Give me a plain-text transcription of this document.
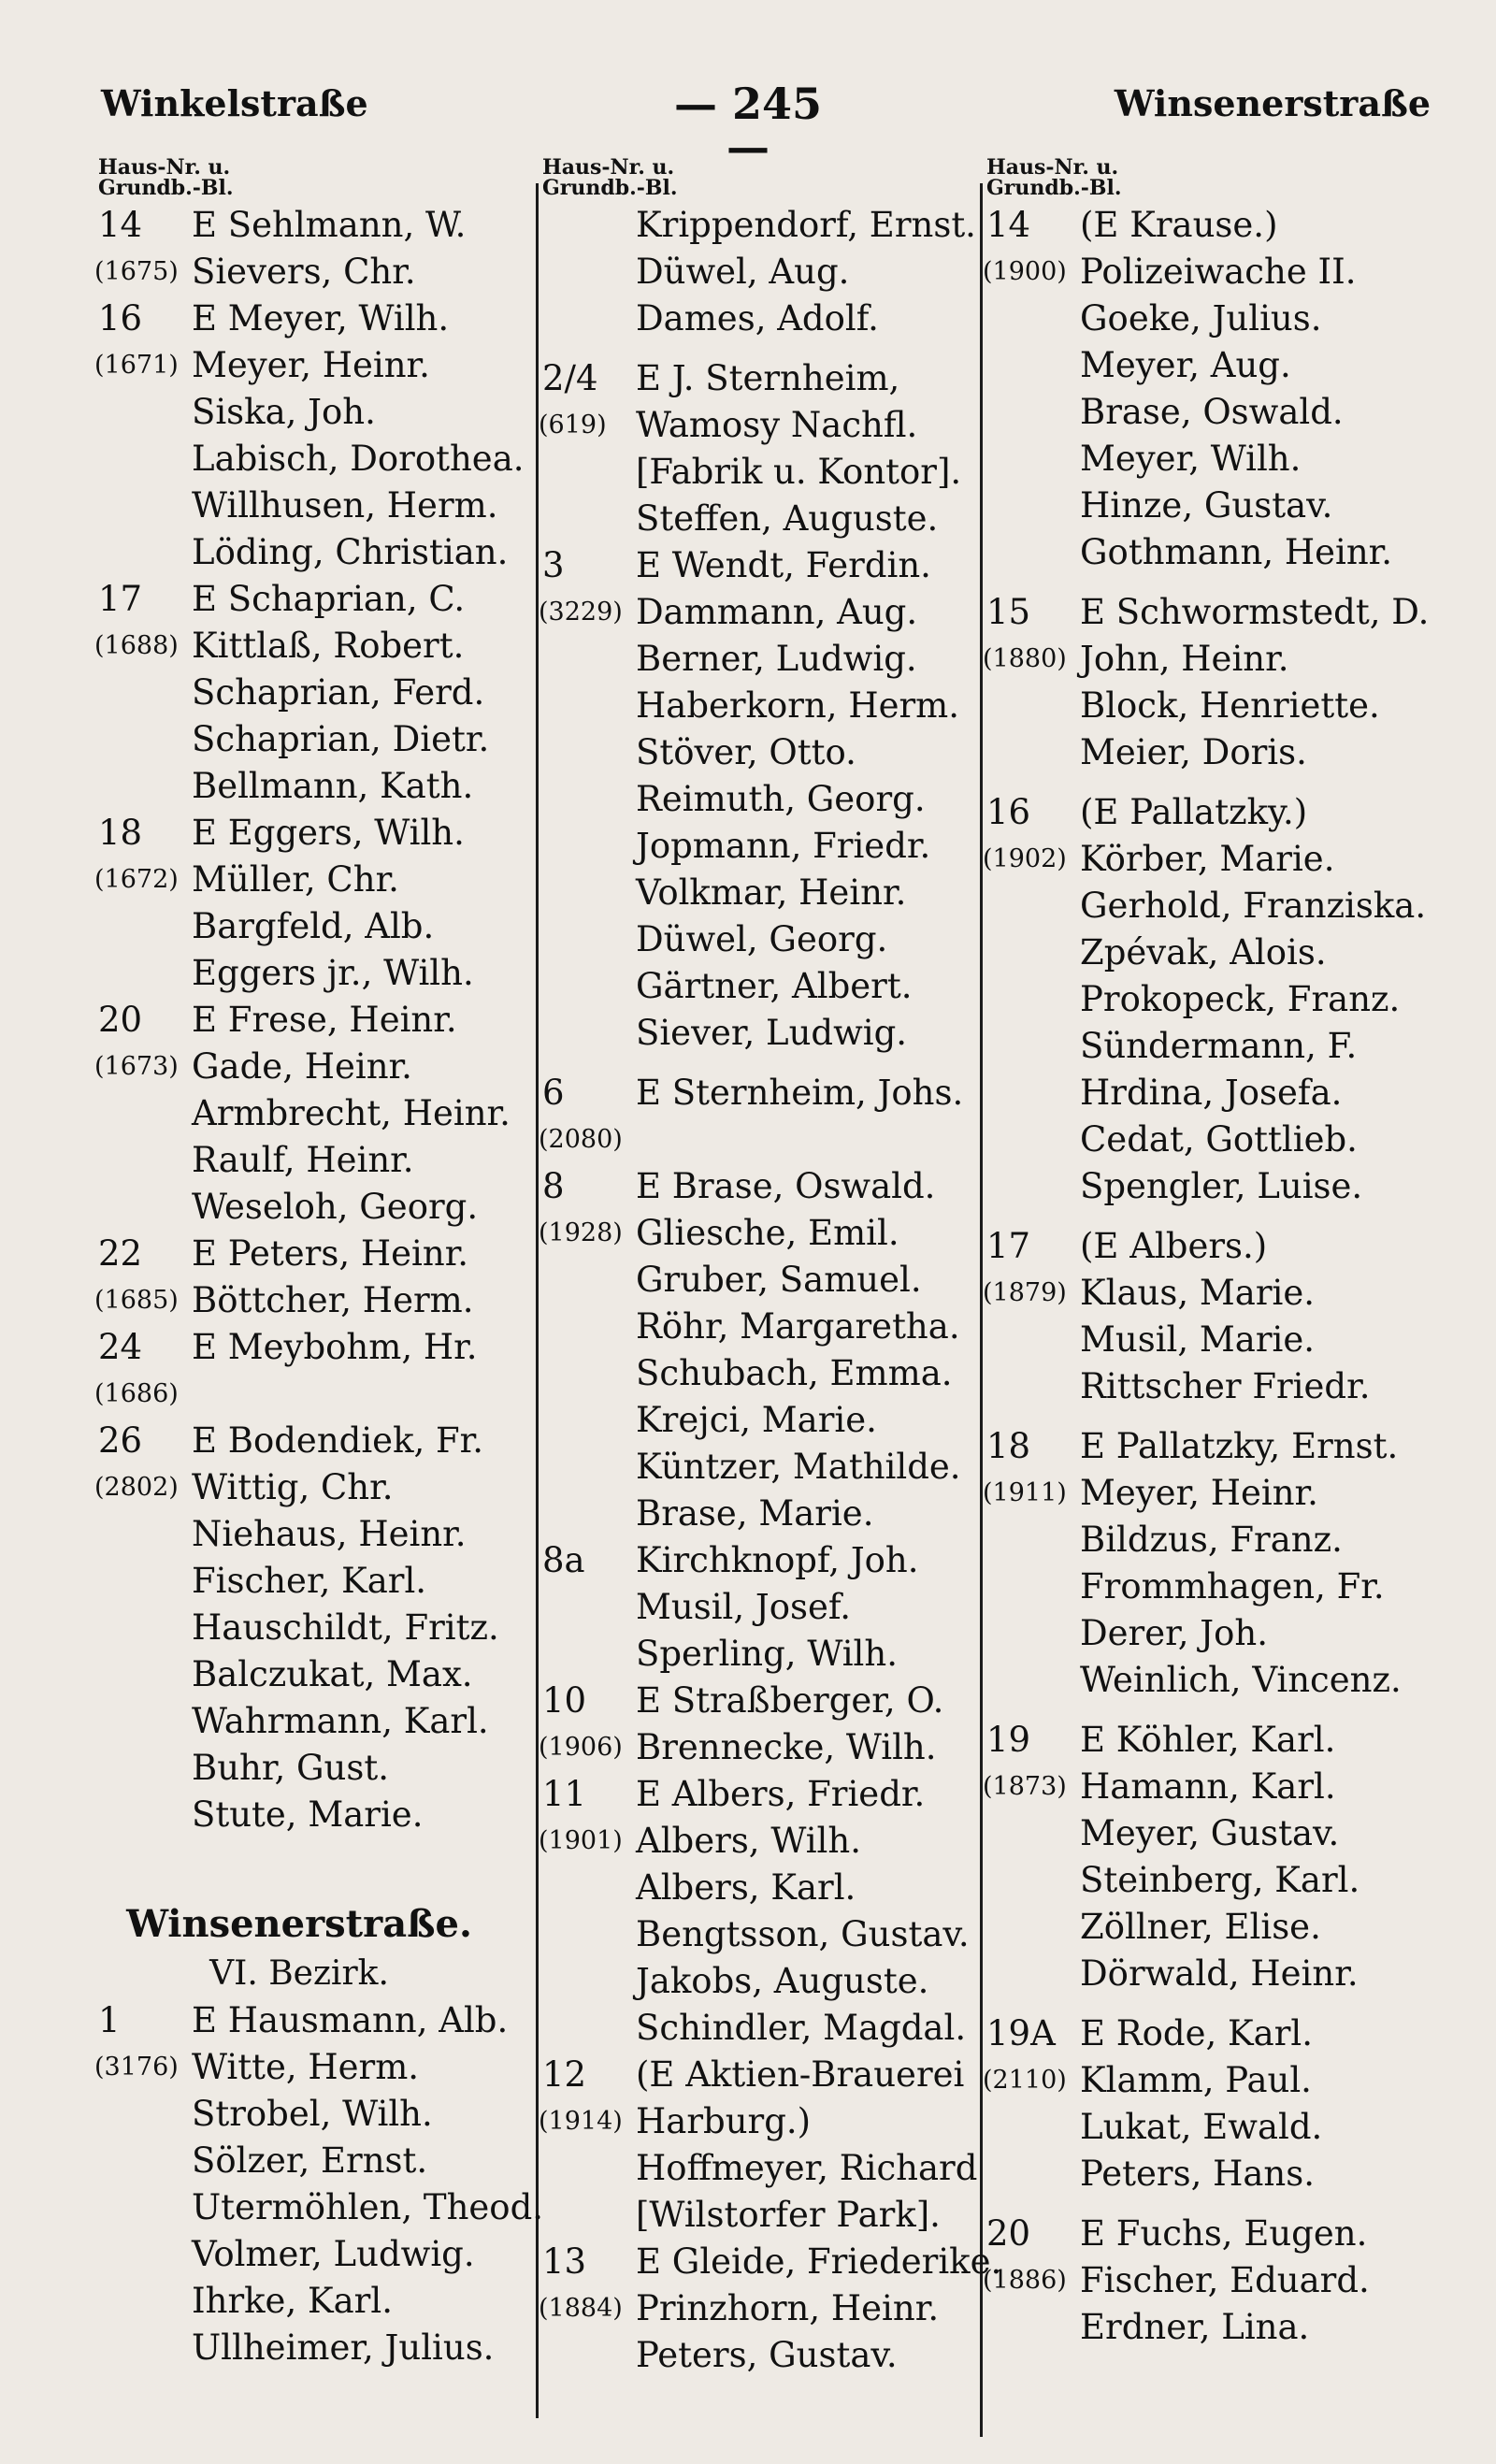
Winkelstraße	— 245 —
Winsenerstraße
Haus-Nr. u.
Grundb.-Bl.
14 E Sehlmann, W.
(1675) Sievers, Chr.
16 E Meyer, Wilh.
(1671) Meyer, Heinr.
Siska, Joh.
Labisch, Dorothea.
Willhusen, Herm.
Löding, Christian.
17 E Schaprian, C.
(1688) Kittlaß, Robert.
Schaprian, Ferd.
Schaprian, Dietr.
Bellmann, Kath.
18 E Eggers, Wilh.
(1672) Müller, Chr.
Bargfeld, Alb.
Eggers jr., Wilh.
20 E Frese, Heinr.
(1673) Gade, Heinr.
Armbrecht, Heinr.
Raulf, Heinr.
Weseloh, Georg.
22 E Peters, Heinr.
(1685) Böttcher, Herm.
24 E Meybohm, Hr.
(1686)
26 E Bodendiek, Fr.
(2802) Wittig, Chr.
Niehaus, Heinr.
Fischer, Karl.
Hauschildt, Fritz.
Balczukat, Max.
Wahrmann, Karl.
Buhr, Gust.
Stute, Marie.
Winsenerstraße.
VI. Bezirk.
1 E Hausmann, Alb.
(3176) Witte, Herm.
Strobel, Wilh.
Sölzer, Ernst.
Utermöhlen, Theod.
Volmer, Ludwig.
Ihrke, Karl.
Ullheimer, Julius.
Haus-Nr. u.
Grundb.-Bl.
Krippendorf, Ernst.
Düwel, Aug.
Dames, Adolf.
2/4 E J. Sternheim,
(619) Wamosy Nachfl.
[Fabrik u. Kontor].
Steffen, Auguste.
3 E Wendt, Ferdin.
(3229) Dammann, Aug.
Berner, Ludwig.
Haberkorn, Herm.
Stöver, Otto.
Reimuth, Georg.
Jopmann, Friedr.
Volkmar, Heinr.
Düwel, Georg.
Gärtner, Albert.
Siever, Ludwig.
6 E Sternheim, Johs.
(2080)
8 E Brase, Oswald.
(1928) Gliesche, Emil.
Gruber, Samuel.
Röhr, Margaretha.
Schubach, Emma.
Krejci, Marie.
Küntzer, Mathilde.
Brase, Marie.
8a Kirchknopf, Joh.
Musil, Josef.
Sperling, Wilh.
10 E Straßberger, O.
(1906) Brennecke, Wilh.
11 E Albers, Friedr.
(1901) Albers, Wilh.
Albers, Karl.
Bengtsson, Gustav.
Jakobs, Auguste.
Schindler, Magdal.
12 (E Aktien-Brauerei
(1914) Harburg.)
Hoffmeyer, Richard
[Wilstorfer Park].
13 E Gleide, Friederike.
(1884) Prinzhorn, Heinr.
Peters, Gustav.
Haus-Nr. u.
Grundb.-Bl.
14 (E Krause.)
(1900) Polizeiwache II.
Goeke, Julius.
Meyer, Aug.
Brase, Oswald.
Meyer, Wilh.
Hinze, Gustav.
Gothmann, Heinr.
15 E Schwormstedt, D.
(1880) John, Heinr.
Block, Henriette.
Meier, Doris.
16 (E Pallatzky.)
(1902) Körber, Marie.
Gerhold, Franziska.
Zpévak, Alois.
Prokopeck, Franz.
Sündermann, F.
Hrdina, Josefa.
Cedat, Gottlieb.
Spengler, Luise.
17 (E Albers.)
(1879) Klaus, Marie.
Musil, Marie.
Rittscher Friedr.
18 E Pallatzky, Ernst.
(1911) Meyer, Heinr.
Bildzus, Franz.
Frommhagen, Fr.
Derer, Joh.
Weinlich, Vincenz.
19 E Köhler, Karl.
(1873) Hamann, Karl.
Meyer, Gustav.
Steinberg, Karl.
Zöllner, Elise.
Dörwald, Heinr.
19A E Rode, Karl.
(2110) Klamm, Paul.
Lukat, Ewald.
Peters, Hans.
20 E Fuchs, Eugen.
(1886) Fischer, Eduard.
Erdner, Lina.
